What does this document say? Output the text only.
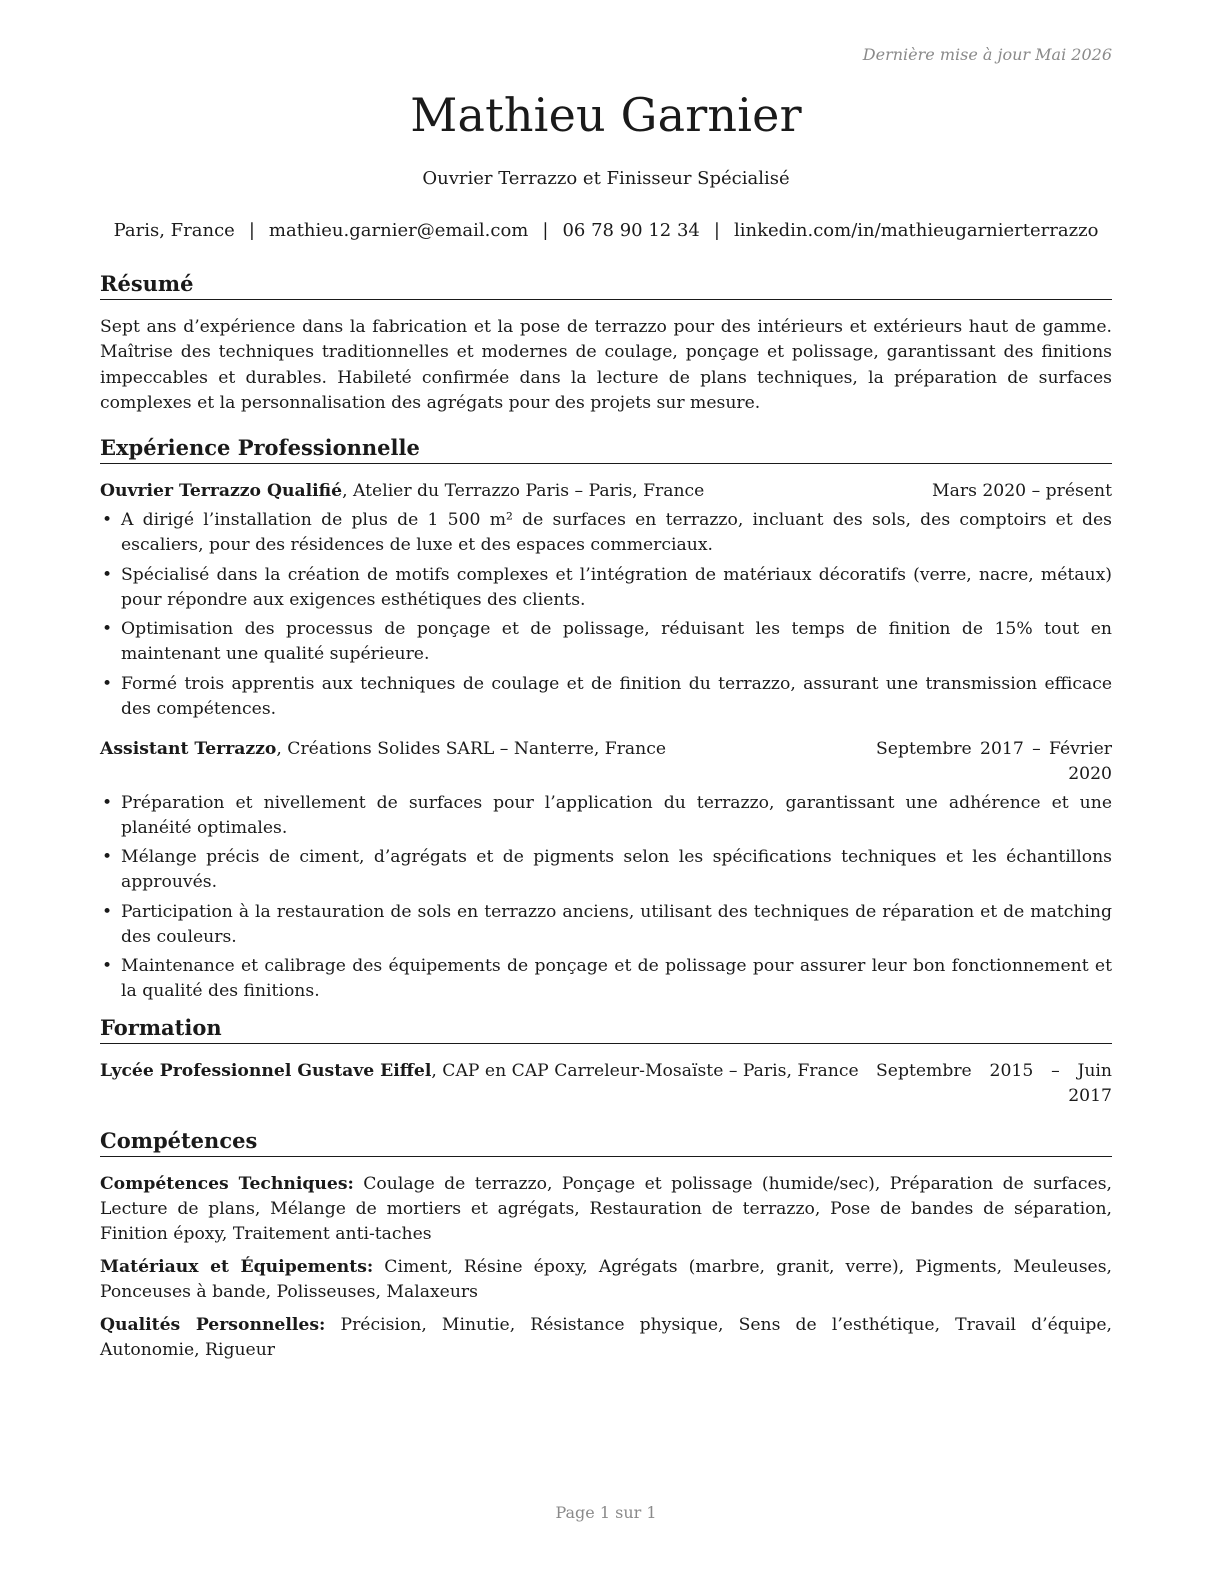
Dernière mise à jour Mai 2026
Mathieu Garnier
Ouvrier Terrazzo et Finisseur Spécialisé
Paris, France | mathieu.garnier@email.com | 06 78 90 12 34 | linkedin.com/in/mathieugarnierterrazzo
Résumé

Sept ans d’expérience dans la fabrication et la pose de terrazzo pour des intérieurs et extérieurs haut de gamme. Maîtrise des techniques traditionnelles et modernes de coulage, ponçage et polissage, garantissant des finitions impeccables et durables. Habileté confirmée dans la lecture de plans techniques, la préparation de surfaces complexes et la personnalisation des agrégats pour des projets sur mesure.

Expérience Professionnelle
Ouvrier Terrazzo Qualifié, Atelier du Terrazzo Paris – Paris, France	Mars 2020 – présent
• A dirigé l’installation de plus de 1 500 m² de surfaces en terrazzo, incluant des sols, des comptoirs et des escaliers, pour des résidences de luxe et des espaces commerciaux.
• Spécialisé dans la création de motifs complexes et l’intégration de matériaux décoratifs (verre, nacre, métaux) pour répondre aux exigences esthétiques des clients.
• Optimisation des processus de ponçage et de polissage, réduisant les temps de finition de 15% tout en maintenant une qualité supérieure.
• Formé trois apprentis aux techniques de coulage et de finition du terrazzo, assurant une transmission efficace des compétences.
Assistant Terrazzo, Créations Solides SARL – Nanterre, France	Septembre 2017 – Février 2020
• Préparation et nivellement de surfaces pour l’application du terrazzo, garantissant une adhérence et une planéité optimales.
• Mélange précis de ciment, d’agrégats et de pigments selon les spécifications techniques et les échantillons approuvés.
• Participation à la restauration de sols en terrazzo anciens, utilisant des techniques de réparation et de matching des couleurs.
• Maintenance et calibrage des équipements de ponçage et de polissage pour assurer leur bon fonctionnement et la qualité des finitions.
Formation
Lycée Professionnel Gustave Eiffel, CAP en CAP Carreleur-Mosaïste – Paris, France Septembre 2015 – Juin 2017
Compétences

Compétences Techniques: Coulage de terrazzo, Ponçage et polissage (humide/sec), Préparation de surfaces, Lecture de plans, Mélange de mortiers et agrégats, Restauration de terrazzo, Pose de bandes de séparation, Finition époxy, Traitement anti-taches

Matériaux et Équipements: Ciment, Résine époxy, Agrégats (marbre, granit, verre), Pigments, Meuleuses, Ponceuses à bande, Polisseuses, Malaxeurs

Qualités Personnelles: Précision, Minutie, Résistance physique, Sens de l’esthétique, Travail d’équipe, Autonomie, Rigueur

Page 1 sur 1
